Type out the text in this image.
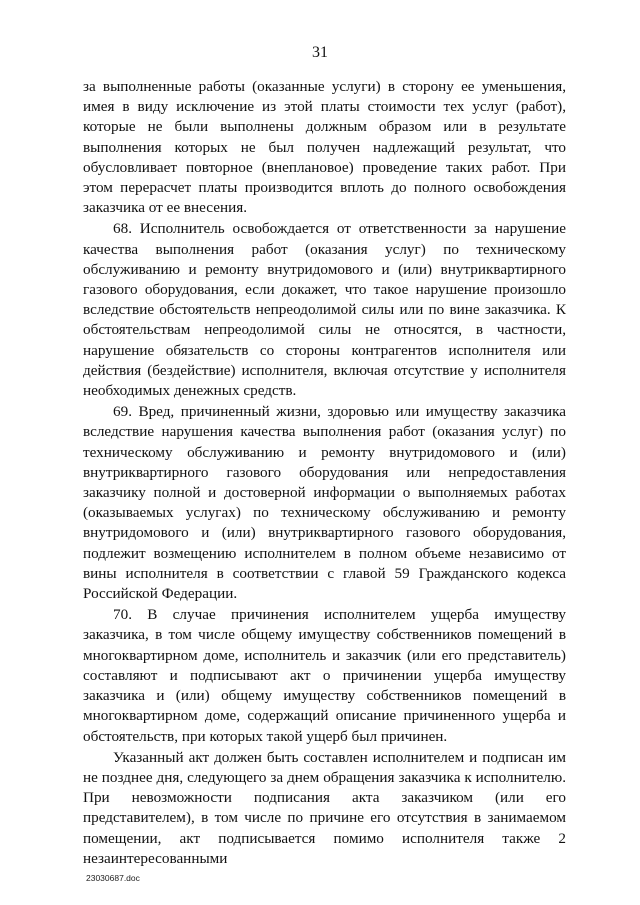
31

за выполненные работы (оказанные услуги) в сторону ее уменьшения, имея в виду исключение из этой платы стоимости тех услуг (работ), которые не были выполнены должным образом или в результате выполнения которых не был получен надлежащий результат, что обусловливает повторное (внеплановое) проведение таких работ. При этом перерасчет платы производится вплоть до полного освобождения заказчика от ее внесения.

68. Исполнитель освобождается от ответственности за нарушение качества выполнения работ (оказания услуг) по техническому обслуживанию и ремонту внутридомового и (или) внутриквартирного газового оборудования, если докажет, что такое нарушение произошло вследствие обстоятельств непреодолимой силы или по вине заказчика. К обстоятельствам непреодолимой силы не относятся, в частности, нарушение обязательств со стороны контрагентов исполнителя или действия (бездействие) исполнителя, включая отсутствие у исполнителя необходимых денежных средств.

69. Вред, причиненный жизни, здоровью или имуществу заказчика вследствие нарушения качества выполнения работ (оказания услуг) по техническому обслуживанию и ремонту внутридомового и (или) внутриквартирного газового оборудования или непредоставления заказчику полной и достоверной информации о выполняемых работах (оказываемых услугах) по техническому обслуживанию и ремонту внутридомового и (или) внутриквартирного газового оборудования, подлежит возмещению исполнителем в полном объеме независимо от вины исполнителя в соответствии с главой 59 Гражданского кодекса Российской Федерации.

70. В случае причинения исполнителем ущерба имуществу заказчика, в том числе общему имуществу собственников помещений в многоквартирном доме, исполнитель и заказчик (или его представитель) составляют и подписывают акт о причинении ущерба имуществу заказчика и (или) общему имуществу собственников помещений в многоквартирном доме, содержащий описание причиненного ущерба и обстоятельств, при которых такой ущерб был причинен.

Указанный акт должен быть составлен исполнителем и подписан им не позднее дня, следующего за днем обращения заказчика к исполнителю. При невозможности подписания акта заказчиком (или его представителем), в том числе по причине его отсутствия в занимаемом помещении, акт подписывается помимо исполнителя также 2 незаинтересованными

23030687.doc
